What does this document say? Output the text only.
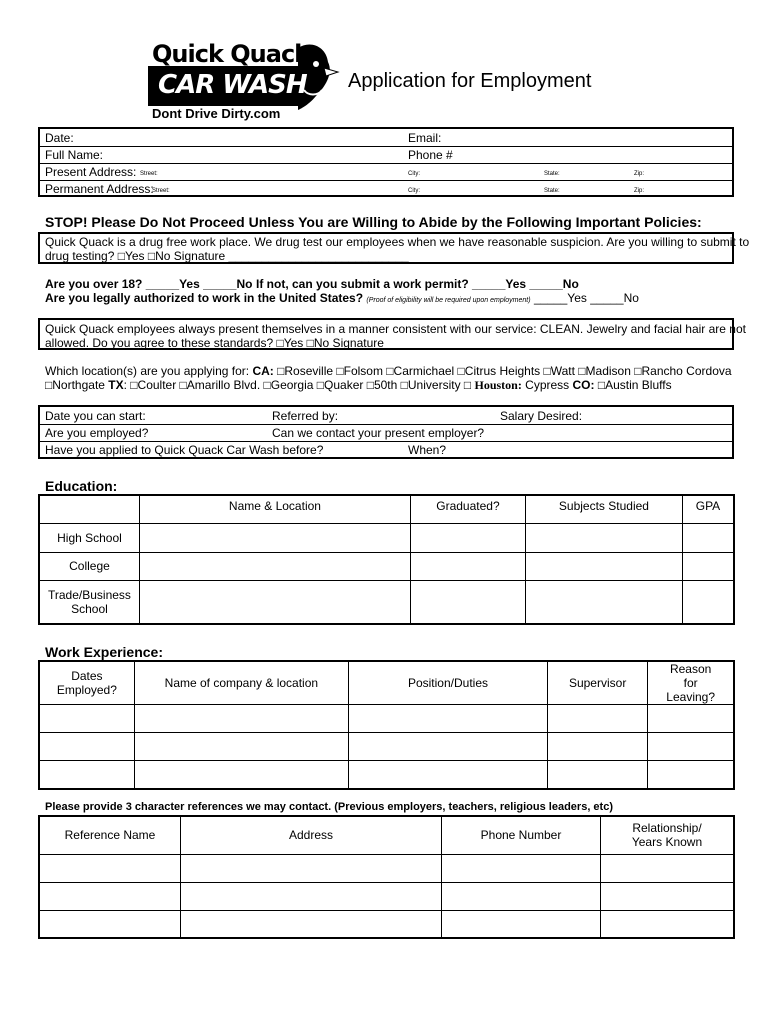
Quick Quack
CAR WASH
Dont Drive Dirty.com
Application for Employment
Date:	Email:
Full Name:	Phone #
Present Address: Street:	City:	State:	Zip:
Permanent Address:
Street:	City:	State:	Zip:
STOP! Please Do Not Proceed Unless You are Willing to Abide by the Following Important Policies:
Quick Quack is a drug free work place. We drug test our employees when we have reasonable suspicion. Are you willing to submit to
drug testing? □Yes □No Signature ___________________________
Are you over 18? _____Yes _____No If not, can you submit a work permit? _____Yes _____No
Are you legally authorized to work in the United States? (Proof of eligibility will be required upon employment) _____Yes _____No
Quick Quack employees always present themselves in a manner consistent with our service: CLEAN. Jewelry and facial hair are not
allowed. Do you agree to these standards? □Yes □No Signature________________________________
Which location(s) are you applying for: CA: □Roseville □Folsom □Carmichael □Citrus Heights □Watt □Madison □Rancho Cordova
□Northgate TX: □Coulter □Amarillo Blvd. □Georgia □Quaker □50th □University □ Houston: Cypress CO: □Austin Bluffs
Date you can start:	Referred by:	Salary Desired:
Are you employed?	Can we contact your present employer?
Have you applied to Quick Quack Car Wash before?	When?
Education:
	Name & Location	Graduated?	Subjects Studied	GPA
High School				
College				
Trade/Business School				
Work Experience:
Dates Employed?	Name of company & location	Position/Duties	Supervisor	Reason for Leaving?

Please provide 3 character references we may contact. (Previous employers, teachers, religious leaders, etc)
Reference Name	Address	Phone Number	Relationship/ Years Known
